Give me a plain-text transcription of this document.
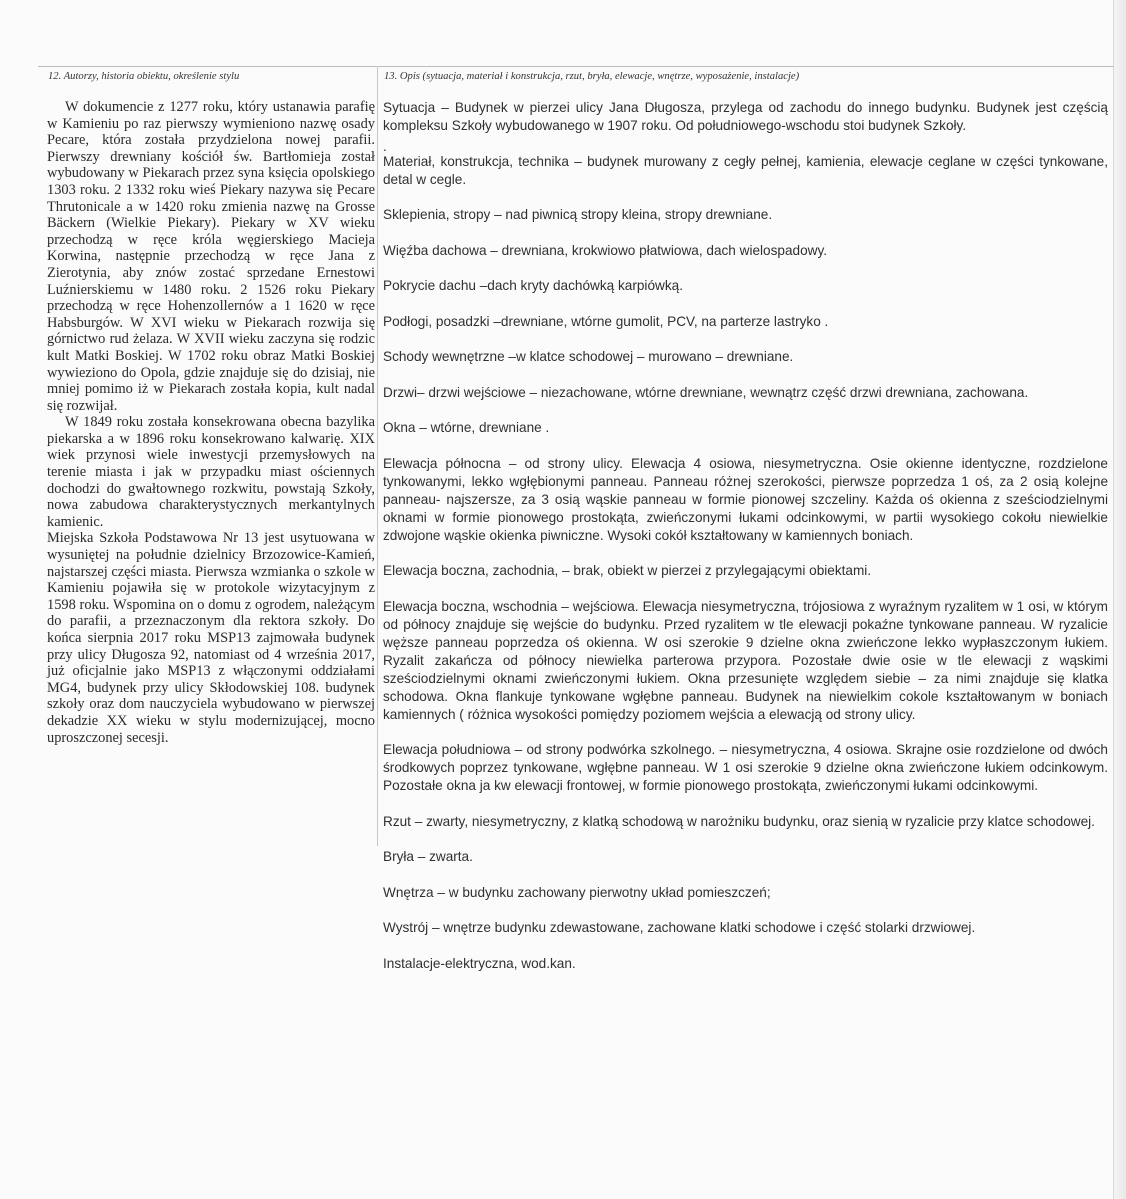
12. Autorzy, historia obiektu, określenie stylu	13. Opis (sytuacja, materiał i konstrukcja, rzut, bryła, elewacje, wnętrze, wyposażenie, instalacje)

W dokumencie z 1277 roku, który ustanawia parafię w Kamieniu po raz pierwszy wymieniono nazwę osady Pecare, która została przydzielona nowej parafii. Pierwszy drewniany kościół św. Bartłomieja został wybudowany w Piekarach przez syna księcia opolskiego 1303 roku. 2 1332 roku wieś Piekary nazywa się Pecare Thrutonicale a w 1420 roku zmienia nazwę na Grosse Bäckern (Wielkie Piekary). Piekary w XV wieku przechodzą w ręce króla węgierskiego Macieja Korwina, następnie przechodzą w ręce Jana z Zierotynia, aby znów zostać sprzedane Ernestowi Luźnierskiemu w 1480 roku. 2 1526 roku Piekary przechodzą w ręce Hohenzollernów a 1 1620 w ręce Habsburgów. W XVI wieku w Piekarach rozwija się górnictwo rud żelaza. W XVII wieku zaczyna się rodzic kult Matki Boskiej. W 1702 roku obraz Matki Boskiej wywieziono do Opola, gdzie znajduje się do dzisiaj, nie mniej pomimo iż w Piekarach została kopia, kult nadal się rozwijał.

W 1849 roku została konsekrowana obecna bazylika piekarska a w 1896 roku konsekrowano kalwarię. XIX wiek przynosi wiele inwestycji przemysłowych na terenie miasta i jak w przypadku miast ościennych dochodzi do gwałtownego rozkwitu, powstają Szkoły, nowa zabudowa charakterystycznych merkantylnych kamienic.

Miejska Szkoła Podstawowa Nr 13 jest usytuowana w wysuniętej na południe dzielnicy Brzozowice-Kamień, najstarszej części miasta. Pierwsza wzmianka o szkole w Kamieniu pojawiła się w protokole wizytacyjnym z 1598 roku. Wspomina on o domu z ogrodem, należącym do parafii, a przeznaczonym dla rektora szkoły. Do końca sierpnia 2017 roku MSP13 zajmowała budynek przy ulicy Długosza 92, natomiast od 4 września 2017, już oficjalnie jako MSP13 z włączonymi oddziałami MG4, budynek przy ulicy Skłodowskiej 108. budynek szkoły oraz dom nauczyciela wybudowano w pierwszej dekadzie XX wieku w stylu modernizującej, mocno uproszczonej secesji.

Sytuacja – Budynek w pierzei ulicy Jana Długosza, przylega od zachodu do innego budynku. Budynek jest częścią kompleksu Szkoły wybudowanego w 1907 roku. Od południowego-wschodu stoi budynek Szkoły.

.

Materiał, konstrukcja, technika – budynek murowany z cegły pełnej, kamienia, elewacje ceglane w części tynkowane, detal w cegle.

Sklepienia, stropy – nad piwnicą stropy kleina, stropy drewniane.

Więźba dachowa – drewniana, krokwiowo płatwiowa, dach wielospadowy.

Pokrycie dachu –dach kryty dachówką karpiówką.

Podłogi, posadzki –drewniane, wtórne gumolit, PCV, na parterze lastryko .

Schody wewnętrzne –w klatce schodowej – murowano – drewniane.

Drzwi– drzwi wejściowe – niezachowane, wtórne drewniane, wewnątrz część drzwi drewniana, zachowana.

Okna – wtórne, drewniane .

Elewacja północna – od strony ulicy. Elewacja 4 osiowa, niesymetryczna. Osie okienne identyczne, rozdzielone tynkowanymi, lekko wgłębionymi panneau. Panneau różnej szerokości, pierwsze poprzedza 1 oś, za 2 osią kolejne panneau- najszersze, za 3 osią wąskie panneau w formie pionowej szczeliny. Każda oś okienna z sześciodzielnymi oknami w formie pionowego prostokąta, zwieńczonymi łukami odcinkowymi, w partii wysokiego cokołu niewielkie zdwojone wąskie okienka piwniczne. Wysoki cokół kształtowany w kamiennych boniach.

Elewacja boczna, zachodnia, – brak, obiekt w pierzei z przylegającymi obiektami.

Elewacja boczna, wschodnia – wejściowa. Elewacja niesymetryczna, trójosiowa z wyraźnym ryzalitem w 1 osi, w którym od północy znajduje się wejście do budynku. Przed ryzalitem w tle elewacji pokaźne tynkowane panneau. W ryzalicie węższe panneau poprzedza oś okienna. W osi szerokie 9 dzielne okna zwieńczone lekko wypłaszczonym łukiem. Ryzalit zakańcza od północy niewielka parterowa przypora. Pozostałe dwie osie w tle elewacji z wąskimi sześciodzielnymi oknami zwieńczonymi łukiem. Okna przesunięte względem siebie – za nimi znajduje się klatka schodowa. Okna flankuje tynkowane wgłębne panneau. Budynek na niewielkim cokole kształtowanym w boniach kamiennych ( różnica wysokości pomiędzy poziomem wejścia a elewacją od strony ulicy.

Elewacja południowa – od strony podwórka szkolnego. – niesymetryczna, 4 osiowa. Skrajne osie rozdzielone od dwóch środkowych poprzez tynkowane, wgłębne panneau. W 1 osi szerokie 9 dzielne okna zwieńczone łukiem odcinkowym. Pozostałe okna ja kw elewacji frontowej, w formie pionowego prostokąta, zwieńczonymi łukami odcinkowymi.

Rzut – zwarty, niesymetryczny, z klatką schodową w narożniku budynku, oraz sienią w ryzalicie przy klatce schodowej.

Bryła – zwarta.

Wnętrza – w budynku zachowany pierwotny układ pomieszczeń;

Wystrój – wnętrze budynku zdewastowane, zachowane klatki schodowe i część stolarki drzwiowej.

Instalacje-elektryczna, wod.kan.
